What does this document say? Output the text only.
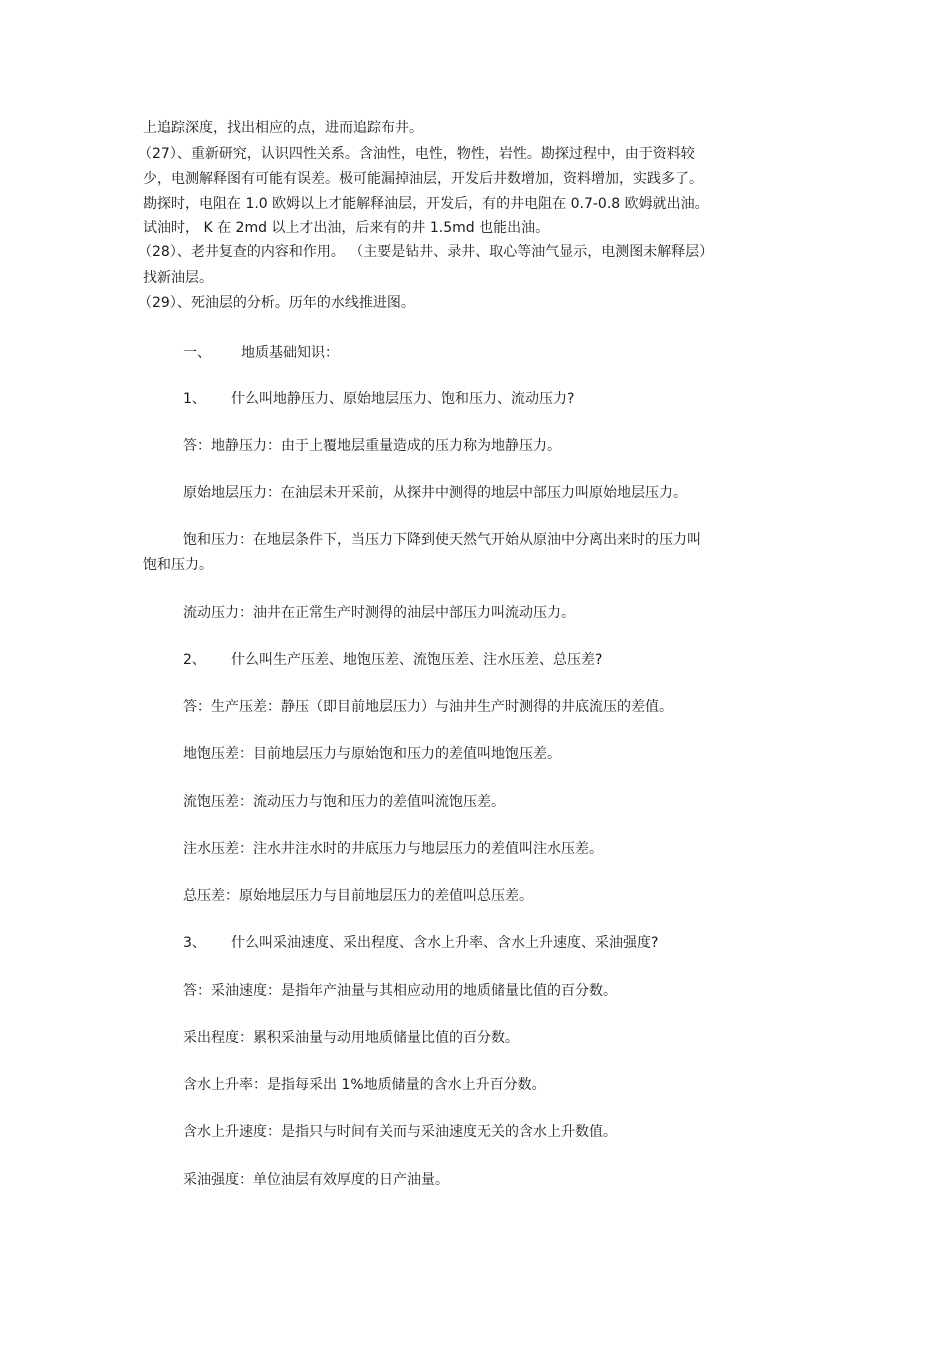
上追踪深度，找出相应的点，进而追踪布井。
（27）、重新研究，认识四性关系。含油性，电性，物性，岩性。勘探过程中，由于资料较
少，电测解释图有可能有误差。极可能漏掉油层，开发后井数增加，资料增加，实践多了。
勘探时，电阻在 1.0 欧姆以上才能解释油层，开发后，有的井电阻在 0.7-0.8 欧姆就出油。
试油时， K 在 2md 以上才出油，后来有的井 1.5md 也能出油。
（28）、老井复查的内容和作用。 （主要是钻井、录井、取心等油气显示，电测图未解释层）
找新油层。
（29）、死油层的分析。历年的水线推进图。
一、 地质基础知识：
1、 什么叫地静压力、原始地层压力、饱和压力、流动压力?
答：地静压力：由于上覆地层重量造成的压力称为地静压力。
原始地层压力：在油层未开采前，从探井中测得的地层中部压力叫原始地层压力。
饱和压力：在地层条件下，当压力下降到使天然气开始从原油中分离出来时的压力叫
饱和压力。
流动压力：油井在正常生产时测得的油层中部压力叫流动压力。
2、 什么叫生产压差、地饱压差、流饱压差、注水压差、总压差?
答：生产压差：静压（即目前地层压力）与油井生产时测得的井底流压的差值。
地饱压差：目前地层压力与原始饱和压力的差值叫地饱压差。
流饱压差：流动压力与饱和压力的差值叫流饱压差。
注水压差：注水井注水时的井底压力与地层压力的差值叫注水压差。
总压差：原始地层压力与目前地层压力的差值叫总压差。
3、 什么叫采油速度、采出程度、含水上升率、含水上升速度、采油强度?
答：采油速度：是指年产油量与其相应动用的地质储量比值的百分数。
采出程度：累积采油量与动用地质储量比值的百分数。
含水上升率：是指每采出 1%地质储量的含水上升百分数。
含水上升速度：是指只与时间有关而与采油速度无关的含水上升数值。
采油强度：单位油层有效厚度的日产油量。
